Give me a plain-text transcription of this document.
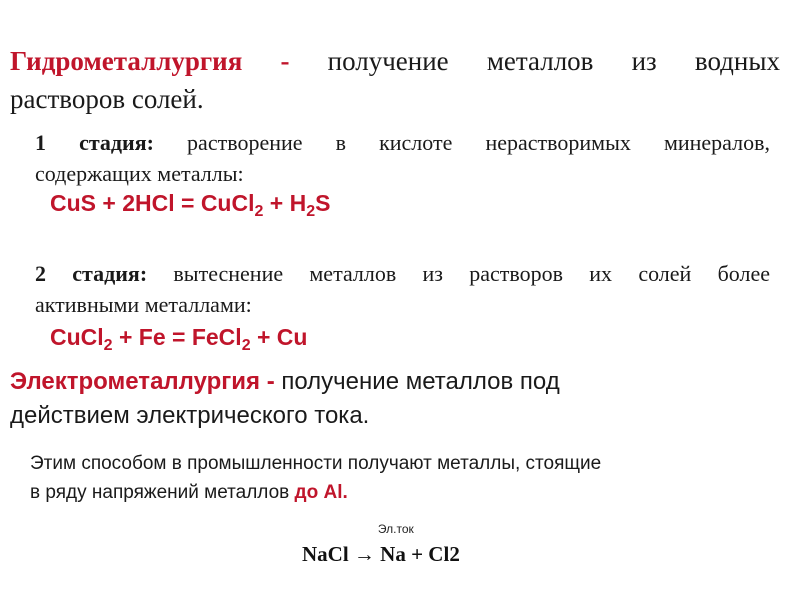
Гидрометаллургия - получение металлов из водных
растворов солей.
1 стадия: растворение в кислоте нерастворимых минералов,
содержащих металлы:
CuS + 2HCl = CuCl$_2$ + $H_2S$
2 стадия: вытеснение металлов из растворов их солей более
активными металлами:
CuCl$_2$ + Fe = FeCl$_2$ + Cu
Электрометаллургия - получение металлов под
действием электрического тока.
Этим способом в промышленности получают металлы, стоящие
в ряду напряжений металлов до Al.
NaCl
Эл.ток
→ Na + Cl2
